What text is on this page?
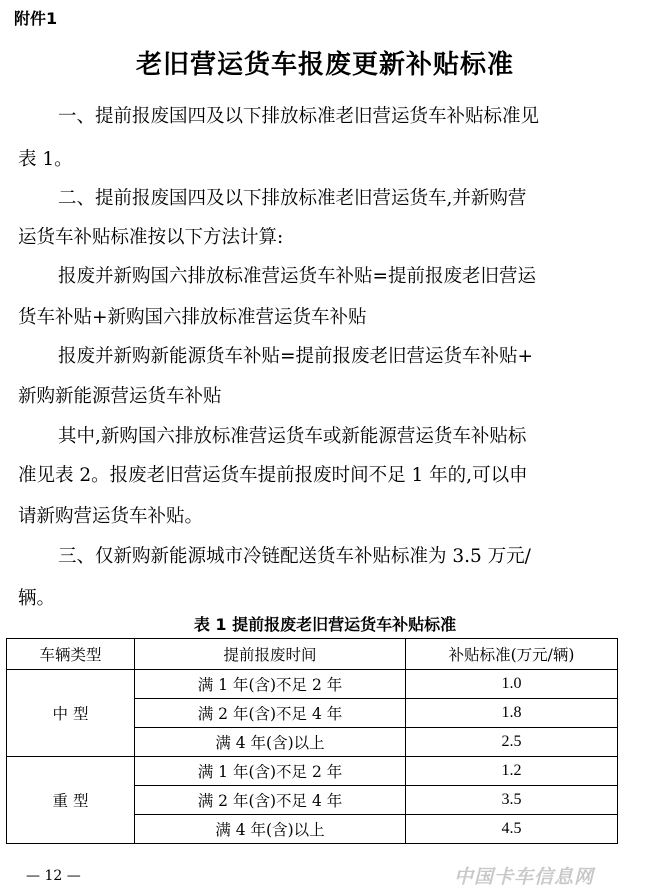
附件1
老旧营运货车报废更新补贴标准
一、提前报废国四及以下排放标准老旧营运货车补贴标准见
表 1。
二、提前报废国四及以下排放标准老旧营运货车,并新购营
运货车补贴标准按以下方法计算:
报废并新购国六排放标准营运货车补贴=提前报废老旧营运
货车补贴+新购国六排放标准营运货车补贴
报废并新购新能源货车补贴=提前报废老旧营运货车补贴+
新购新能源营运货车补贴
其中,新购国六排放标准营运货车或新能源营运货车补贴标
准见表 2。报废老旧营运货车提前报废时间不足 1 年的,可以申
请新购营运货车补贴。
三、仅新购新能源城市冷链配送货车补贴标准为 3.5 万元/
辆。
表 1 提前报废老旧营运货车补贴标准
车辆类型	提前报废时间	补贴标准(万元/辆)
中 型	满 1 年(含)不足 2 年	1.0
	满 2 年(含)不足 4 年	1.8
	满 4 年(含)以上	2.5
重 型	满 1 年(含)不足 2 年	1.2
	满 2 年(含)不足 4 年	3.5
	满 4 年(含)以上	4.5
— 12 —	中国卡车信息网
